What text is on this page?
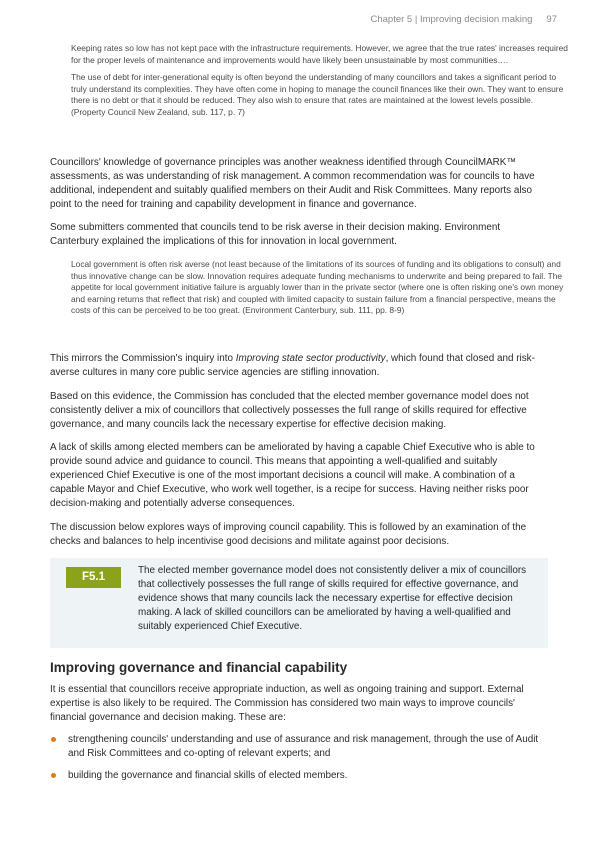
Chapter 5 | Improving decision making 97

Keeping rates so low has not kept pace with the infrastructure requirements. However, we agree that the true rates' increases required for the proper levels of maintenance and improvements would have likely been unsustainable by most communities….

The use of debt for inter-generational equity is often beyond the understanding of many councillors and takes a significant period to truly understand its complexities. They have often come in hoping to manage the council finances like their own. They want to ensure there is no debt or that it should be reduced. They also wish to ensure that rates are maintained at the lowest levels possible. (Property Council New Zealand, sub. 117, p. 7)

Councillors' knowledge of governance principles was another weakness identified through CouncilMARK™ assessments, as was understanding of risk management. A common recommendation was for councils to have additional, independent and suitably qualified members on their Audit and Risk Committees. Many reports also point to the need for training and capability development in finance and governance.

Some submitters commented that councils tend to be risk averse in their decision making. Environment Canterbury explained the implications of this for innovation in local government.

Local government is often risk averse (not least because of the limitations of its sources of funding and its obligations to consult) and thus innovative change can be slow. Innovation requires adequate funding mechanisms to underwrite and being prepared to fail. The appetite for local government initiative failure is arguably lower than in the private sector (where one is often risking one's own money and earning returns that reflect that risk) and coupled with limited capacity to sustain failure from a financial perspective, means the costs of this can be perceived to be too great. (Environment Canterbury, sub. 111, pp. 8-9)

This mirrors the Commission's inquiry into Improving state sector productivity, which found that closed and risk-averse cultures in many core public service agencies are stifling innovation.

Based on this evidence, the Commission has concluded that the elected member governance model does not consistently deliver a mix of councillors that collectively possesses the full range of skills required for effective governance, and many councils lack the necessary expertise for effective decision making.

A lack of skills among elected members can be ameliorated by having a capable Chief Executive who is able to provide sound advice and guidance to council. This means that appointing a well-qualified and suitably experienced Chief Executive is one of the most important decisions a council will make. A combination of a capable Mayor and Chief Executive, who work well together, is a recipe for success. Having neither risks poor decision-making and potentially adverse consequences.

The discussion below explores ways of improving council capability. This is followed by an examination of the checks and balances to help incentivise good decisions and militate against poor decisions.

F5.1
The elected member governance model does not consistently deliver a mix of councillors that collectively possesses the full range of skills required for effective governance, and evidence shows that many councils lack the necessary expertise for effective decision making. A lack of skilled councillors can be ameliorated by having a well-qualified and suitably experienced Chief Executive.
Improving governance and financial capability

It is essential that councillors receive appropriate induction, as well as ongoing training and support. External expertise is also likely to be required. The Commission has considered two main ways to improve councils' financial governance and decision making. These are:

strengthening councils' understanding and use of assurance and risk management, through the use of Audit and Risk Committees and co-opting of relevant experts; and
building the governance and financial skills of elected members.
